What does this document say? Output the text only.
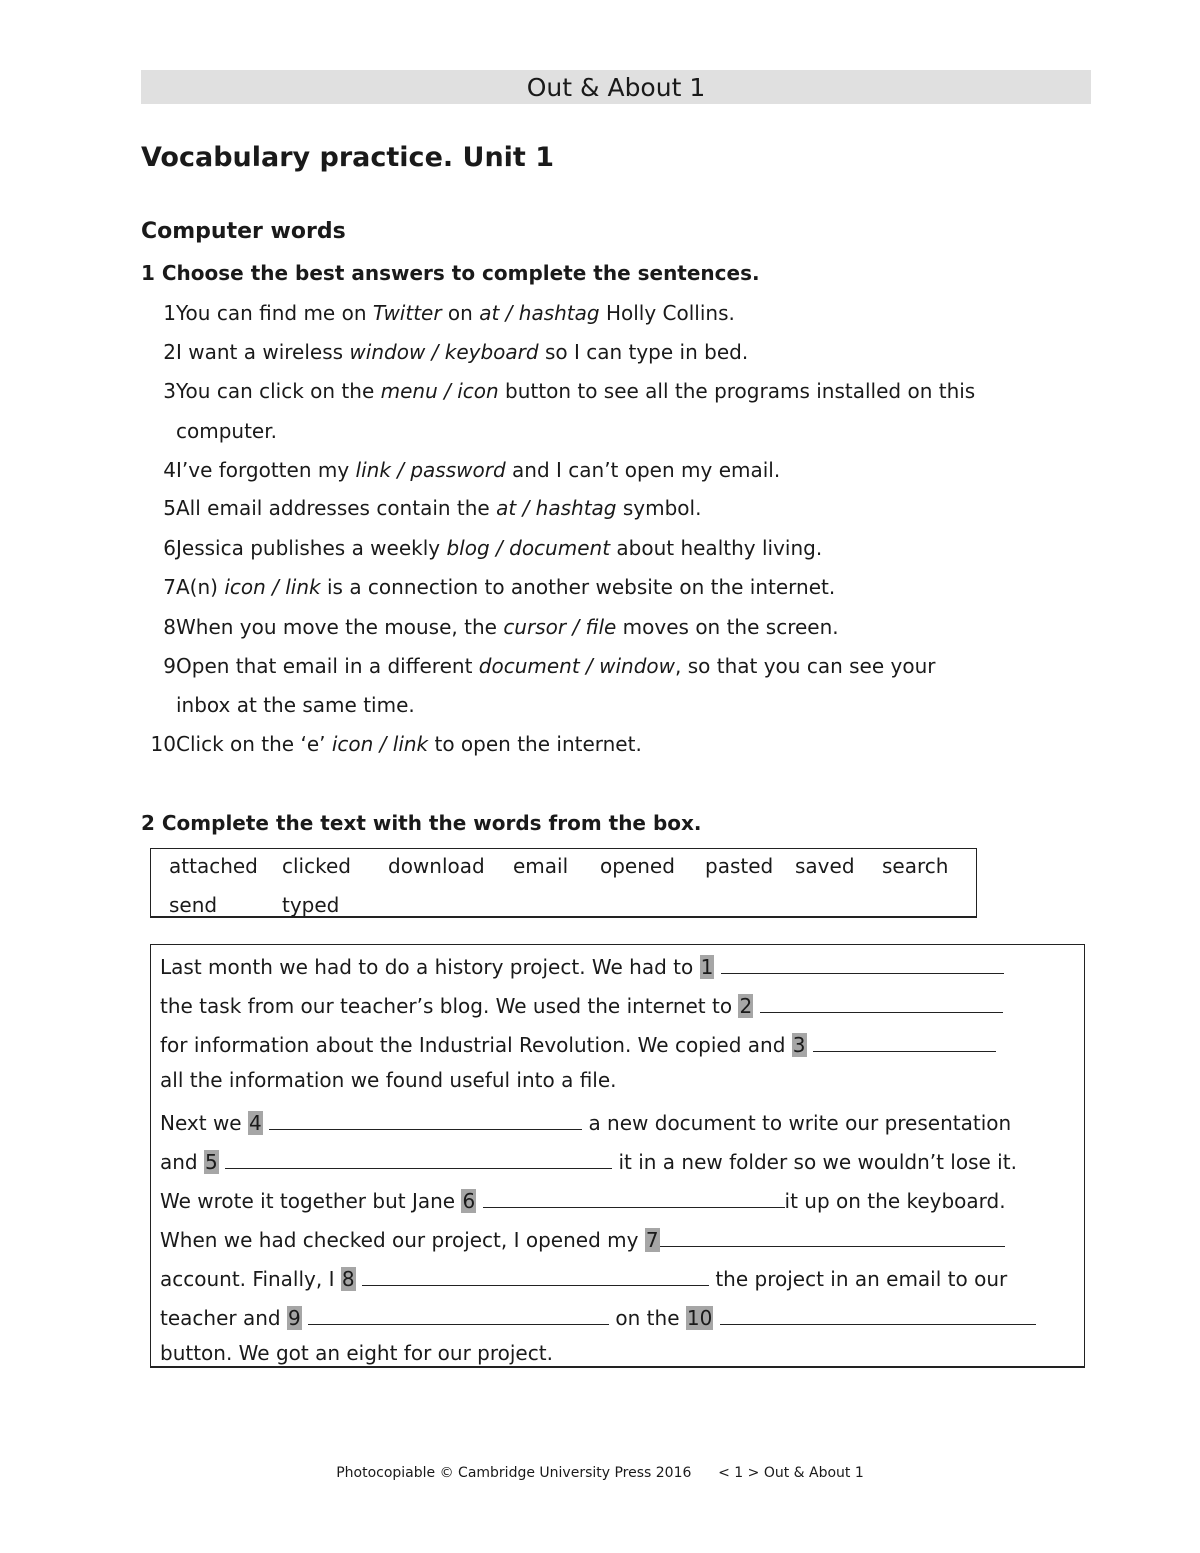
Out & About 1
Vocabulary practice. Unit 1
Computer words
1 Choose the best answers to complete the sentences.
1You can find me on Twitter on at / hashtag Holly Collins.
2I want a wireless window / keyboard so I can type in bed.
3You can click on the menu / icon button to see all the programs installed on this
computer.
4I’ve forgotten my link / password and I can’t open my email.
5All email addresses contain the at / hashtag symbol.
6Jessica publishes a weekly blog / document about healthy living.
7A(n) icon / link is a connection to another website on the internet.
8When you move the mouse, the cursor / file moves on the screen.
9Open that email in a different document / window, so that you can see your
inbox at the same time.
10Click on the ‘e’ icon / link to open the internet.
2 Complete the text with the words from the box.
attached clicked download email opened pasted saved search
send	typed
Last month we had to do a history project. We had to 1
the task from our teacher’s blog. We used the internet to 2
for information about the Industrial Revolution. We copied and 3
all the information we found useful into a file.
Next we 4	a new document to write our presentation
and 5	it in a new folder so we wouldn’t lose it.
We wrote it together but Jane 6	it up on the keyboard.
When we had checked our project, I opened my 7
account. Finally, I 8	the project in an email to our
teacher and 9	on the 10
button. We got an eight for our project.
Photocopiable © Cambridge University Press 2016      < 1 > Out & About 1
